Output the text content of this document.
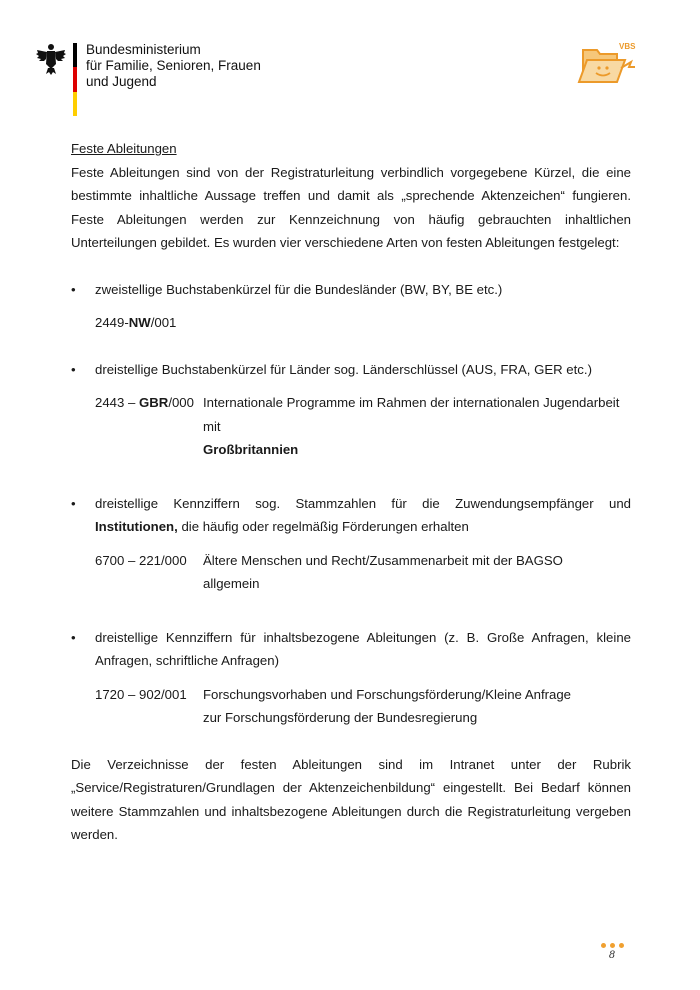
Bundesministerium
für Familie, Senioren, Frauen
und Jugend
VBS
Feste Ableitungen
Feste Ableitungen sind von der Registraturleitung verbindlich vorgegebene Kürzel, die eine bestimmte inhaltliche Aussage treffen und damit als „sprechende Aktenzeichen“ fungieren. Feste Ableitungen werden zur Kennzeichnung von häufig gebrauchten inhaltlichen Unterteilungen gebildet. Es wurden vier verschiedene Arten von festen Ableitungen festgelegt:
• zweistellige Buchstabenkürzel für die Bundesländer (BW, BY, BE etc.)
2449-NW/001
• dreistellige Buchstabenkürzel für Länder sog. Länderschlüssel (AUS, FRA, GER etc.)
2443 – GBR/000 Internationale Programme im Rahmen der internationalen Jugendarbeit mit
Großbritannien
• dreistellige Kennziffern sog. Stammzahlen für die Zuwendungsempfänger und Institutionen, die häufig oder regelmäßig Förderungen erhalten
6700 – 221/000	Ältere Menschen und Recht/Zusammenarbeit mit der BAGSO allgemein
• dreistellige Kennziffern für inhaltsbezogene Ableitungen (z. B. Große Anfragen, kleine Anfragen, schriftliche Anfragen)
1720 – 902/001	Forschungsvorhaben und Forschungsförderung/Kleine Anfrage zur Forschungsförderung der Bundesregierung
Die Verzeichnisse der festen Ableitungen sind im Intranet unter der Rubrik „Service/Registraturen/Grundlagen der Aktenzeichenbildung“ eingestellt. Bei Bedarf können weitere Stammzahlen und inhaltsbezogene Ableitungen durch die Registraturleitung vergeben werden.
8
